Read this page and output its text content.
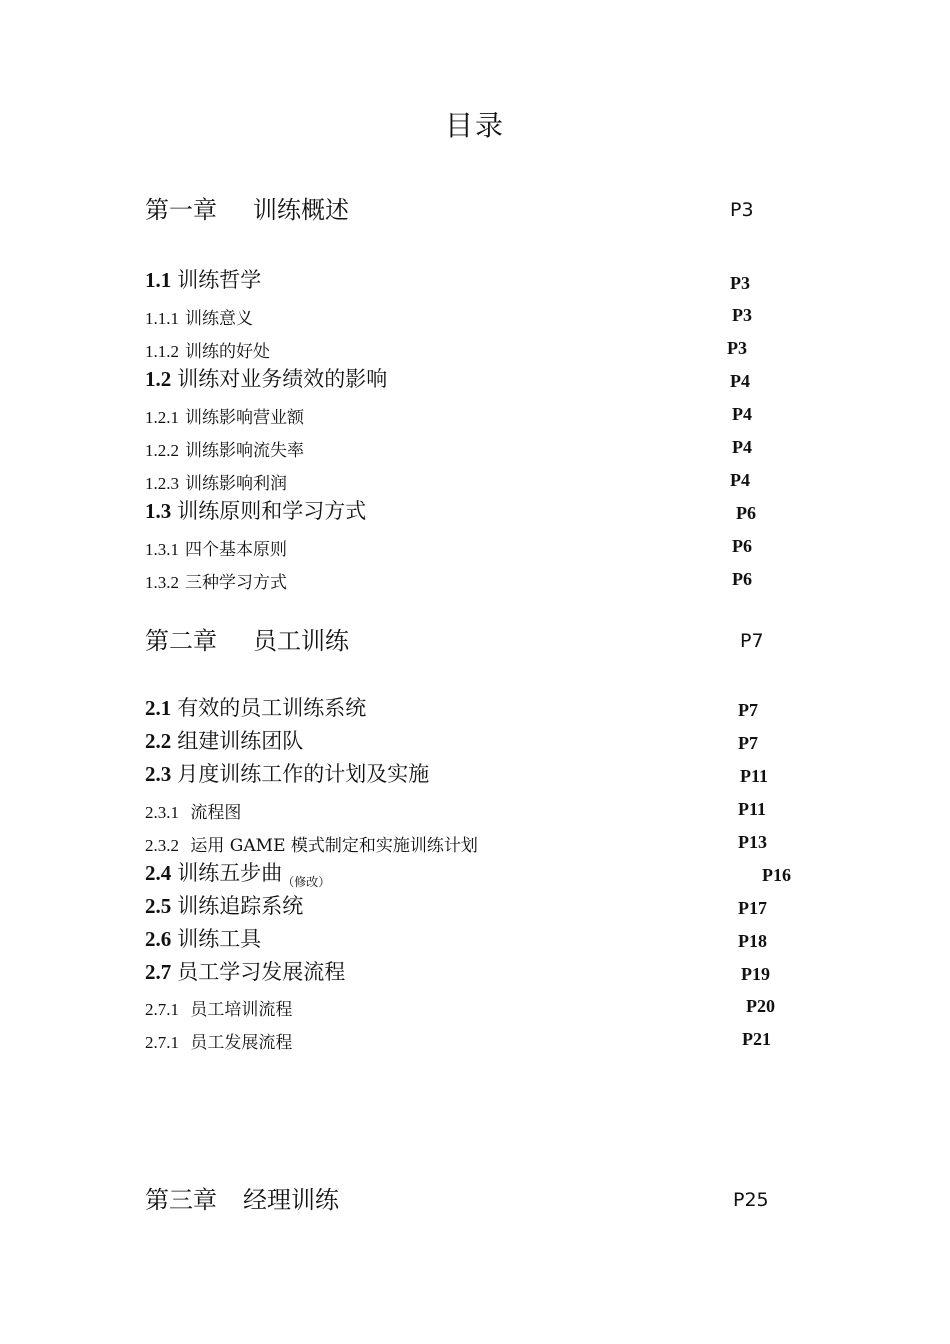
目录
第一章 训练概述	P3
1.1 训练哲学	P3
1.1.1 训练意义	P3
1.1.2 训练的好处	P3
1.2 训练对业务绩效的影响	P4
1.2.1 训练影响营业额	P4
1.2.2 训练影响流失率	P4
1.2.3 训练影响利润	P4
1.3 训练原则和学习方式	P6
1.3.1 四个基本原则	P6
1.3.2 三种学习方式	P6
第二章 员工训练	P7
2.1 有效的员工训练系统	P7
2.2 组建训练团队	P7
2.3 月度训练工作的计划及实施	P11
2.3.1 流程图	P11
2.3.2 运用 GAME 模式制定和实施训练计划	P13
2.4 训练五步曲$_{(修改)}$	P16
2.5 训练追踪系统	P17
2.6 训练工具	P18
2.7 员工学习发展流程	P19
2.7.1 员工培训流程	P20
2.7.1 员工发展流程	P21
第三章 经理训练	P25
